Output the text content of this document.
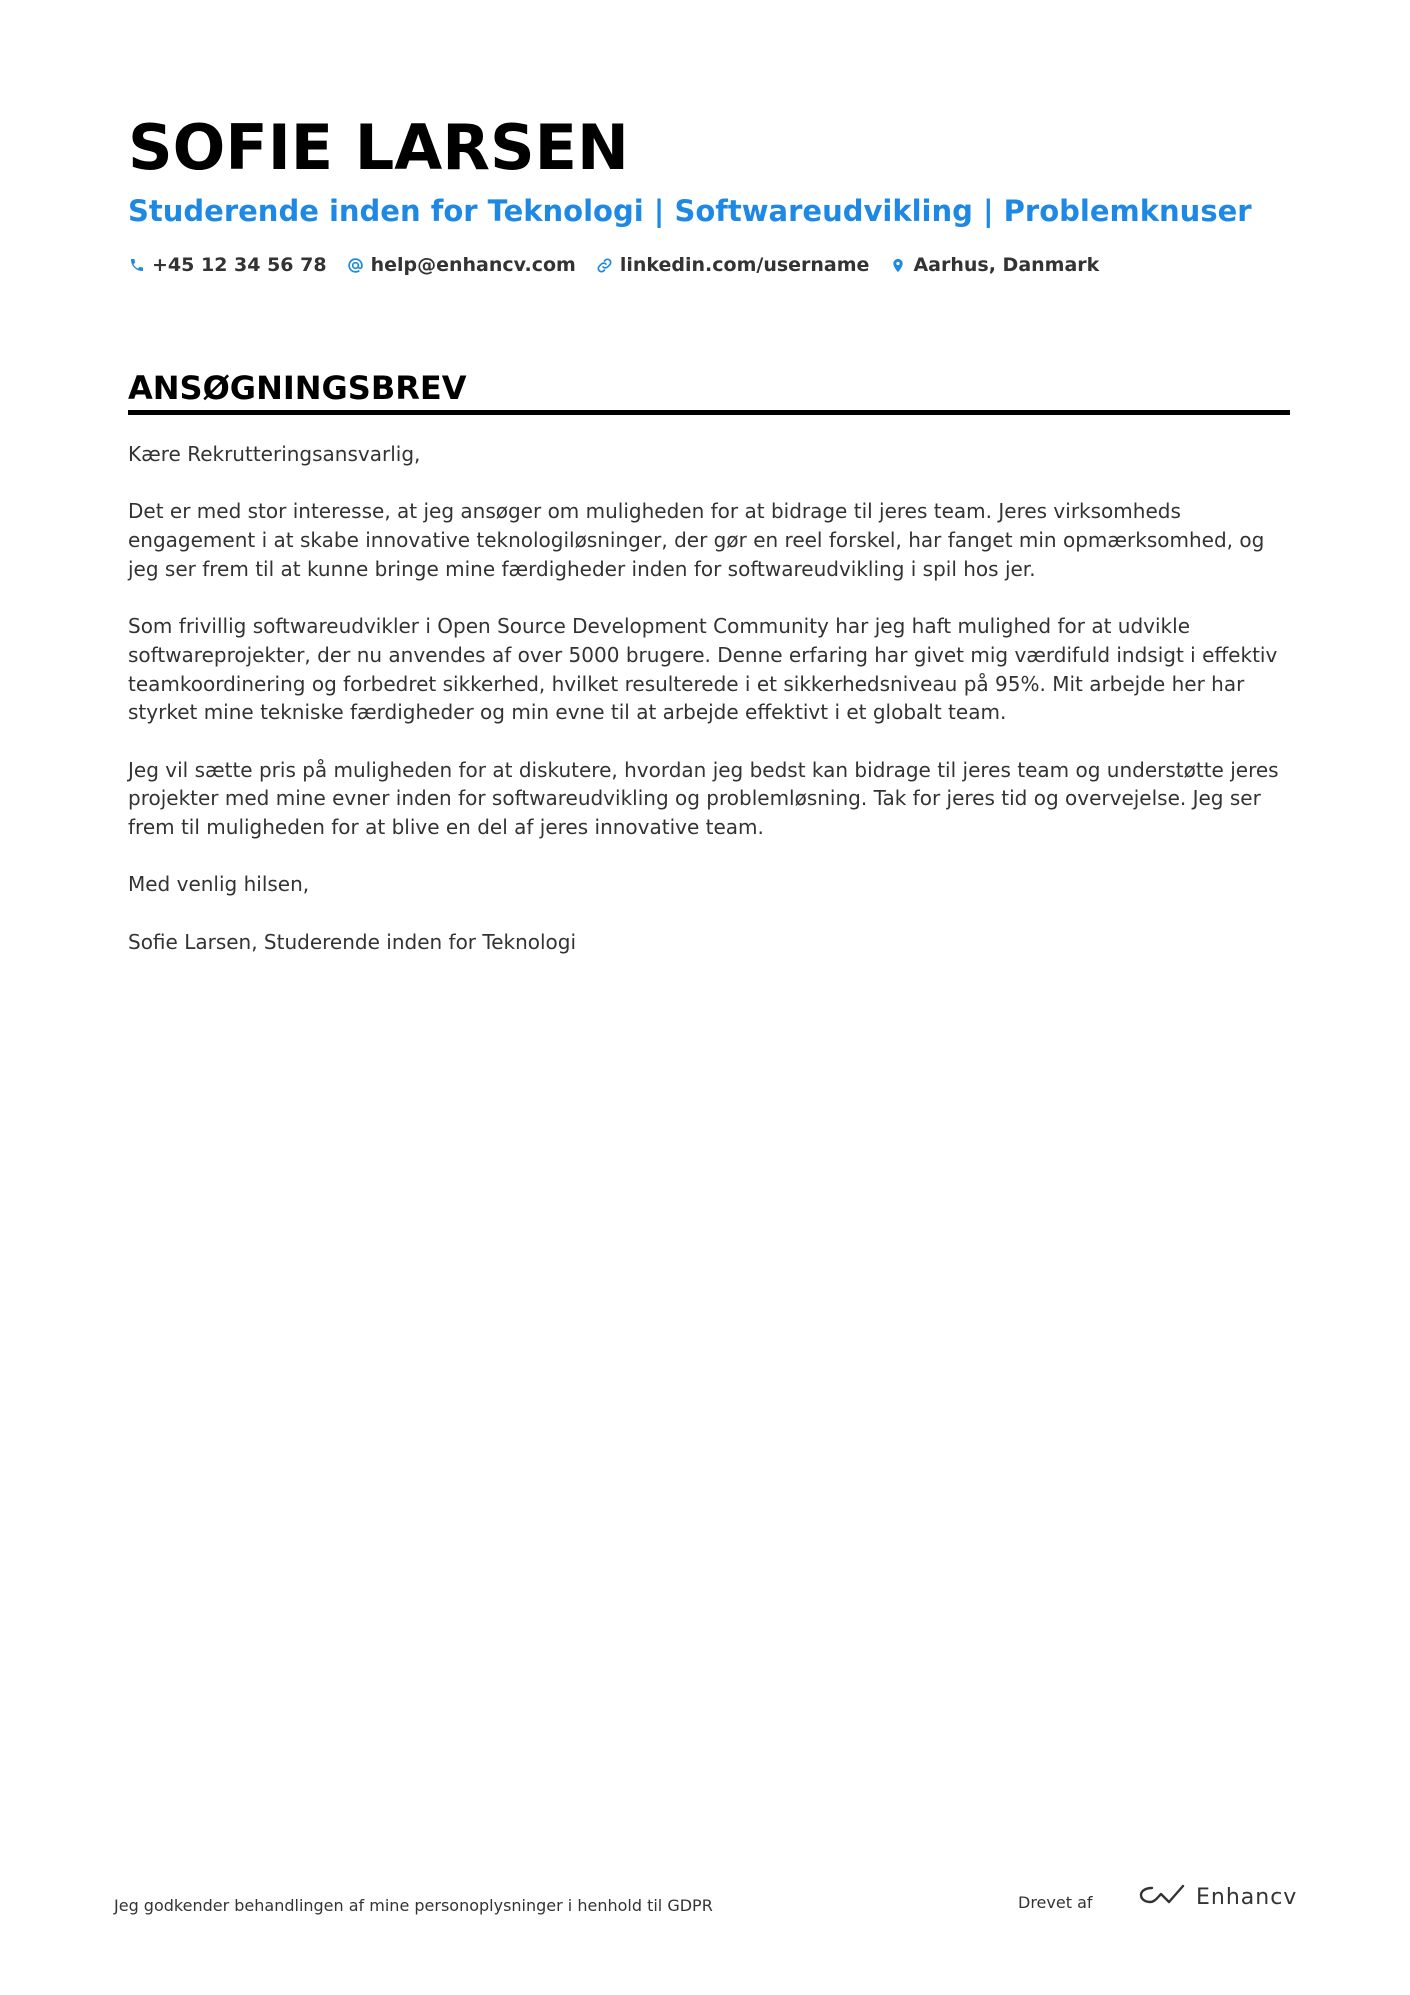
SOFIE LARSEN
Studerende inden for Teknologi | Softwareudvikling | Problemknuser
+45 12 34 56 78 help@enhancv.com linkedin.com/username Aarhus, Danmark
ANSØGNINGSBREV

Kære Rekrutteringsansvarlig,

Det er med stor interesse, at jeg ansøger om muligheden for at bidrage til jeres team. Jeres virksomheds engagement i at skabe innovative teknologiløsninger, der gør en reel forskel, har fanget min opmærksomhed, og jeg ser frem til at kunne bringe mine færdigheder inden for softwareudvikling i spil hos jer.

Som frivillig softwareudvikler i Open Source Development Community har jeg haft mulighed for at udvikle softwareprojekter, der nu anvendes af over 5000 brugere. Denne erfaring har givet mig værdifuld indsigt i effektiv teamkoordinering og forbedret sikkerhed, hvilket resulterede i et sikkerhedsniveau på 95%. Mit arbejde her har styrket mine tekniske færdigheder og min evne til at arbejde effektivt i et globalt team.

Jeg vil sætte pris på muligheden for at diskutere, hvordan jeg bedst kan bidrage til jeres team og understøtte jeres projekter med mine evner inden for softwareudvikling og problemløsning. Tak for jeres tid og overvejelse. Jeg ser frem til muligheden for at blive en del af jeres innovative team.

Med venlig hilsen,

Sofie Larsen, Studerende inden for Teknologi

Jeg godkender behandlingen af mine personoplysninger i henhold til GDPR	Drevet af	Enhancv
